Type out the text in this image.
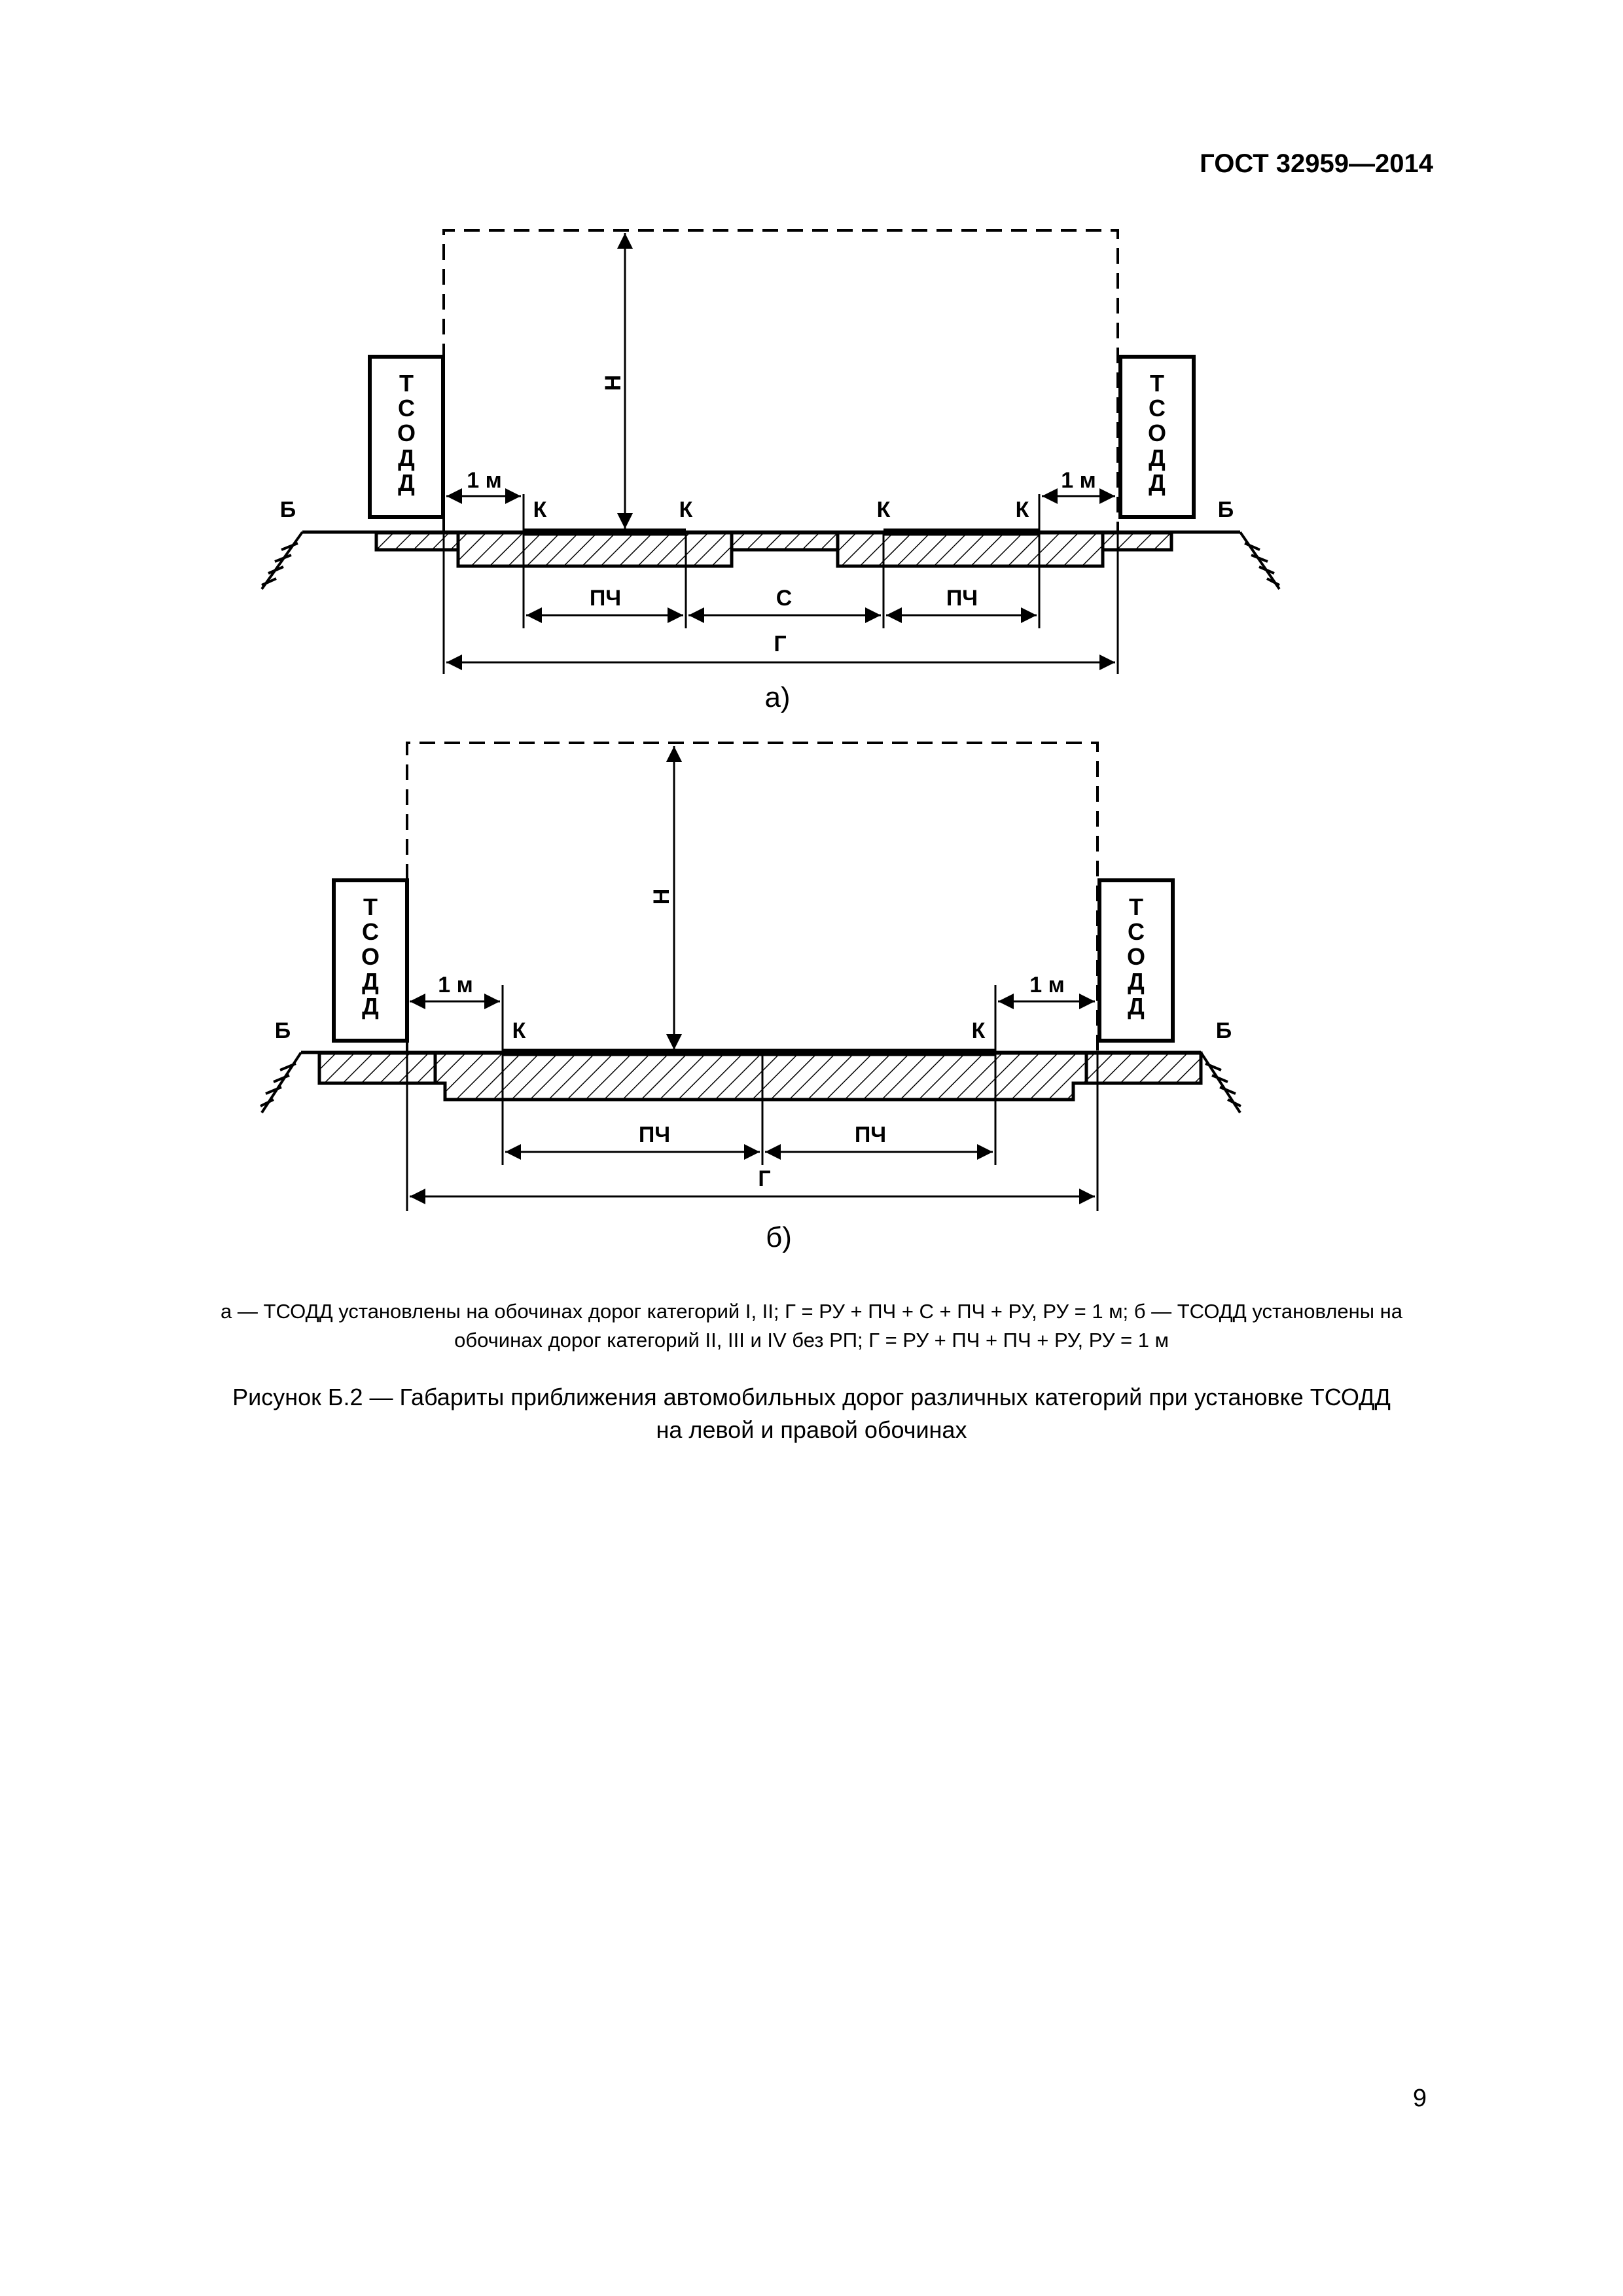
ГОСТ 32959—2014
Н
Т
С
О
Д
Д
Т
С
О
Д
Д
1 м	1 м
Б	Б
К	К	К	К
ПЧ	С	ПЧ
Г
а)
Н
Т
С
О
Д
Д
Т
С
О
Д
Д
1 м	1 м
Б	Б
К	К
ПЧ	ПЧ
Г
б)
а — ТСОДД установлены на обочинах дорог категорий I, II; Г = РУ + ПЧ + С + ПЧ + РУ, РУ = 1 м; б — ТСОДД установлены на
обочинах дорог категорий II, III и IV без РП; Г = РУ + ПЧ + ПЧ + РУ, РУ = 1 м
Рисунок Б.2 — Габариты приближения автомобильных дорог различных категорий при установке ТСОДД
на левой и правой обочинах
9
